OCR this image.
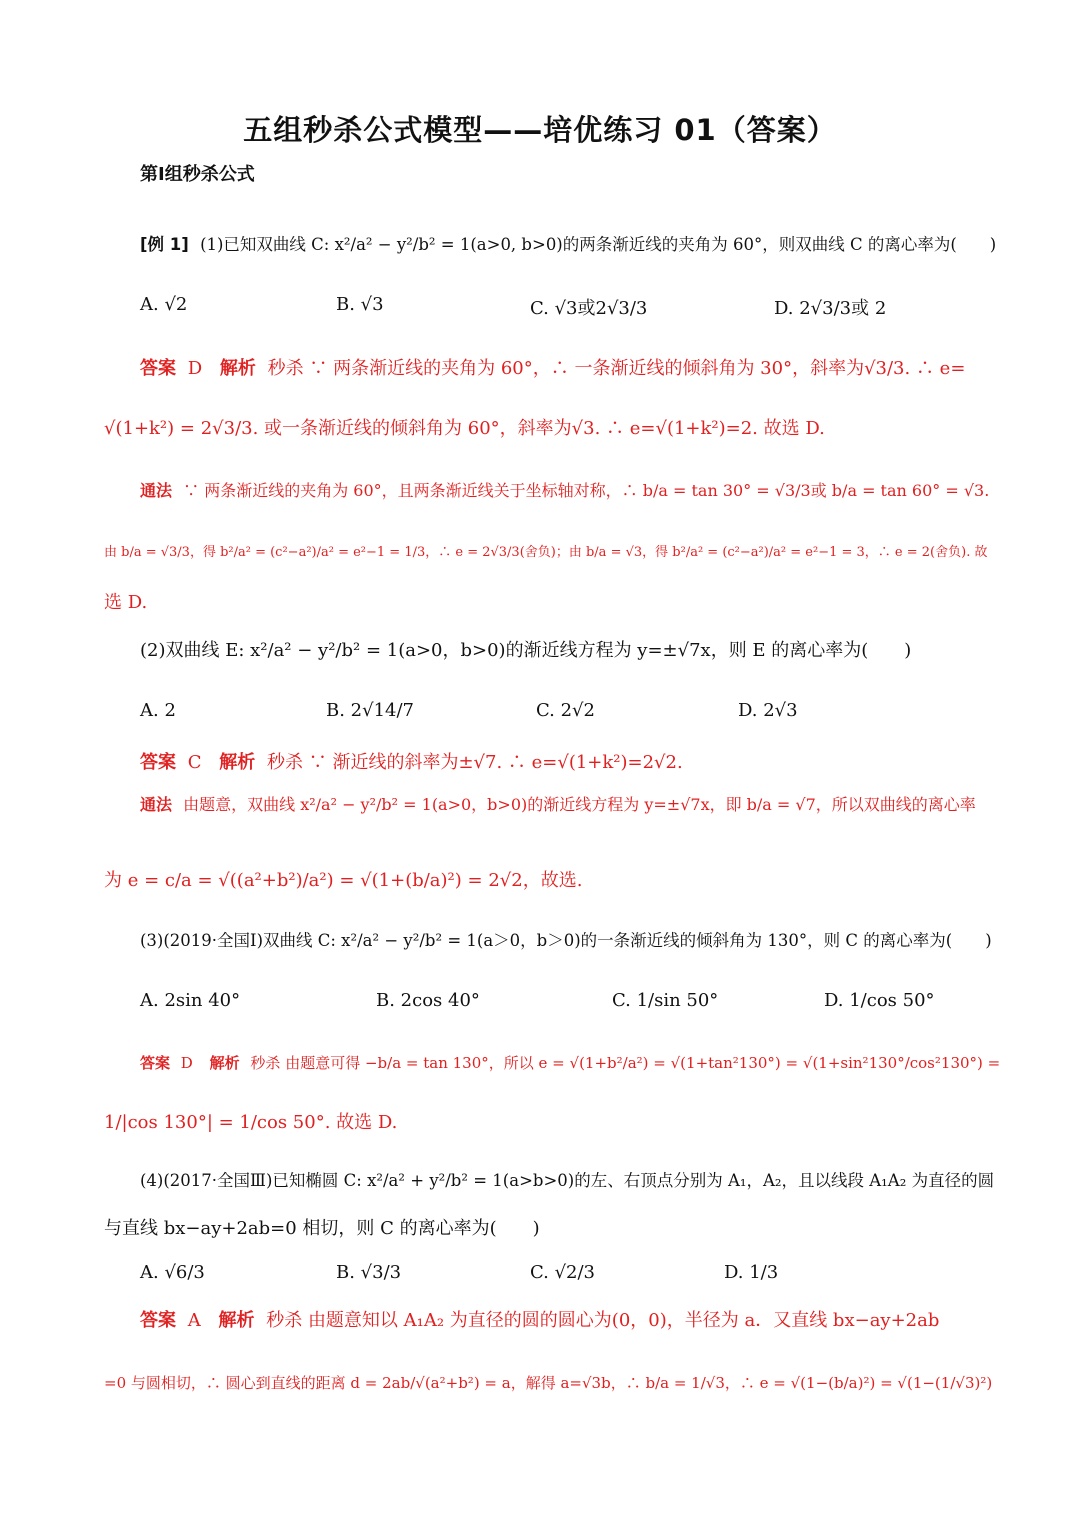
五组秒杀公式模型——培优练习 01（答案）
第Ⅰ组秒杀公式
[例 1] (1)已知双曲线 C: x²/a² − y²/b² = 1(a>0, b>0)的两条渐近线的夹角为 60°，则双曲线 C 的离心率为(　　)
A. √2	B. √3	C. √3或2√3/3	D. 2√3/3或 2
答案 D 解析 秒杀 ∵ 两条渐近线的夹角为 60°，∴ 一条渐近线的倾斜角为 30°，斜率为√3/3. ∴ e=
√(1+k²) = 2√3/3. 或一条渐近线的倾斜角为 60°，斜率为√3. ∴ e=√(1+k²)=2. 故选 D.
通法 ∵ 两条渐近线的夹角为 60°，且两条渐近线关于坐标轴对称，∴ b/a = tan 30° = √3/3或 b/a = tan 60° = √3.
由 b/a = √3/3，得 b²/a² = (c²−a²)/a² = e²−1 = 1/3，∴ e = 2√3/3(舍负)；由 b/a = √3，得 b²/a² = (c²−a²)/a² = e²−1 = 3，∴ e = 2(舍负). 故
选 D.
(2)双曲线 E: x²/a² − y²/b² = 1(a>0，b>0)的渐近线方程为 y=±√7x，则 E 的离心率为(　　)
A. 2	B. 2√14/7	C. 2√2	D. 2√3
答案 C 解析 秒杀 ∵ 渐近线的斜率为±√7. ∴ e=√(1+k²)=2√2.
通法 由题意，双曲线 x²/a² − y²/b² = 1(a>0，b>0)的渐近线方程为 y=±√7x，即 b/a = √7，所以双曲线的离心率
为 e = c/a = √((a²+b²)/a²) = √(1+(b/a)²) = 2√2，故选.
(3)(2019·全国Ⅰ)双曲线 C: x²/a² − y²/b² = 1(a＞0，b＞0)的一条渐近线的倾斜角为 130°，则 C 的离心率为(　　)
A. 2sin 40°	B. 2cos 40°	C. 1/sin 50°	D. 1/cos 50°
答案 D 解析 秒杀 由题意可得 −b/a = tan 130°，所以 e = √(1+b²/a²) = √(1+tan²130°) = √(1+sin²130°/cos²130°) =
1/|cos 130°| = 1/cos 50°. 故选 D.
(4)(2017·全国Ⅲ)已知椭圆 C: x²/a² + y²/b² = 1(a>b>0)的左、右顶点分别为 A₁，A₂，且以线段 A₁A₂ 为直径的圆
与直线 bx−ay+2ab=0 相切，则 C 的离心率为(　　)
A. √6/3	B. √3/3	C. √2/3	D. 1/3
答案 A 解析 秒杀 由题意知以 A₁A₂ 为直径的圆的圆心为(0，0)，半径为 a．又直线 bx−ay+2ab
=0 与圆相切，∴ 圆心到直线的距离 d = 2ab/√(a²+b²) = a，解得 a=√3b，∴ b/a = 1/√3，∴ e = √(1−(b/a)²) = √(1−(1/√3)²)
